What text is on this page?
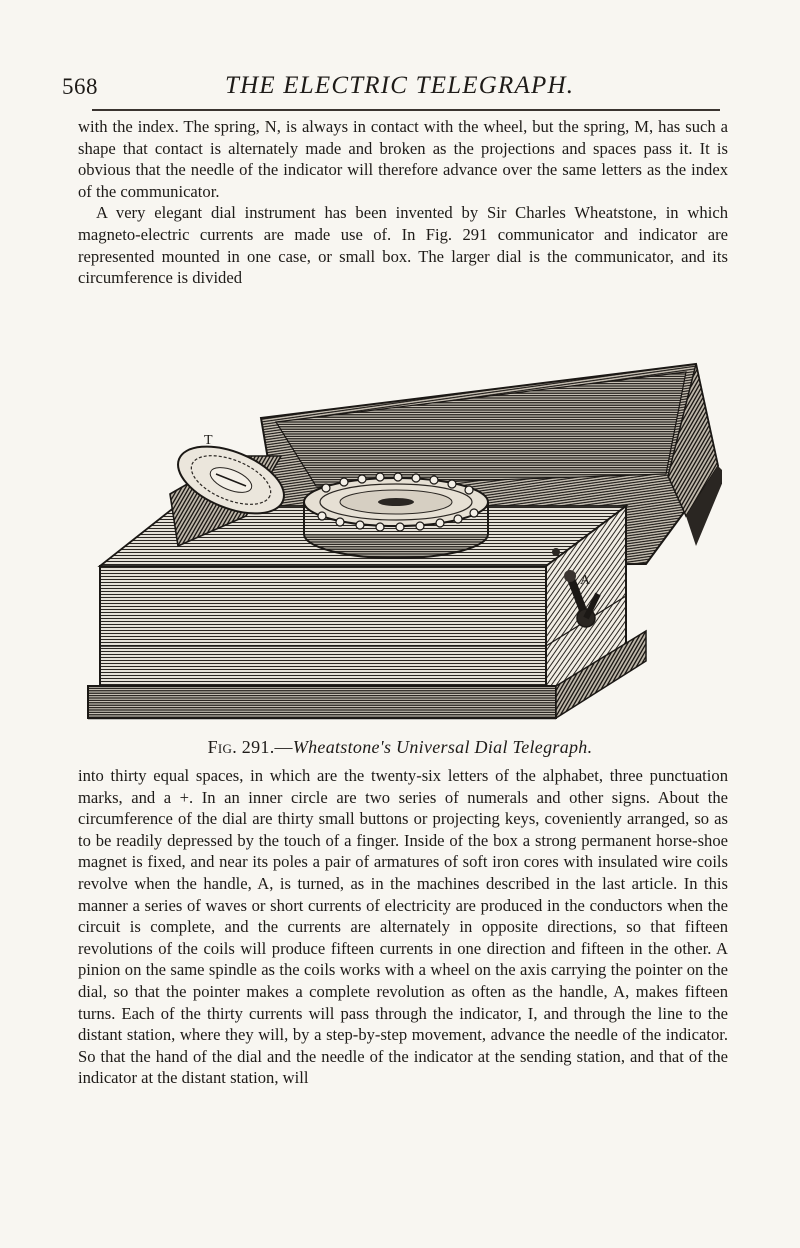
568	THE ELECTRIC TELEGRAPH.

with the index. The spring, N, is always in contact with the wheel, but the spring, M, has such a shape that contact is alternately made and broken as the projections and spaces pass it. It is obvious that the needle of the indicator will therefore advance over the same letters as the index of the communicator.

A very elegant dial instrument has been invented by Sir Charles Wheatstone, in which magneto-electric currents are made use of. In Fig. 291 communicator and indicator are represented mounted in one case, or small box. The larger dial is the communicator, and its circumference is divided

T
A
Fig. 291.—Wheatstone's Universal Dial Telegraph.

into thirty equal spaces, in which are the twenty-six letters of the alphabet, three punctuation marks, and a +. In an inner circle are two series of numerals and other signs. About the circumference of the dial are thirty small buttons or projecting keys, coveniently arranged, so as to be readily depressed by the touch of a finger. Inside of the box a strong permanent horse-shoe magnet is fixed, and near its poles a pair of armatures of soft iron cores with insulated wire coils revolve when the handle, A, is turned, as in the machines described in the last article. In this manner a series of waves or short currents of electricity are produced in the conductors when the circuit is complete, and the currents are alternately in opposite directions, so that fifteen revolutions of the coils will produce fifteen currents in one direction and fifteen in the other. A pinion on the same spindle as the coils works with a wheel on the axis carrying the pointer on the dial, so that the pointer makes a complete revolution as often as the handle, A, makes fifteen turns. Each of the thirty currents will pass through the indicator, I, and through the line to the distant station, where they will, by a step-by-step movement, advance the needle of the indicator. So that the hand of the dial and the needle of the indicator at the sending station, and that of the indicator at the distant station, will
